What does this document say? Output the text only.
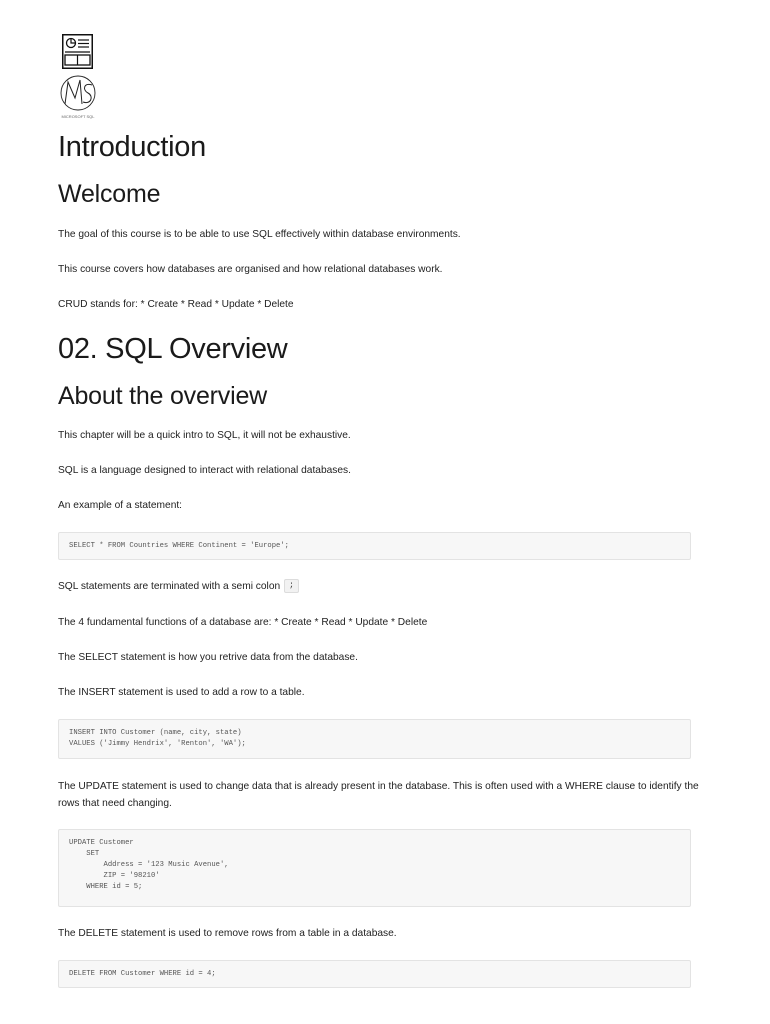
MICROSOFT SQL
Introduction
Welcome

The goal of this course is to be able to use SQL effectively within database environments.

This course covers how databases are organised and how relational databases work.

CRUD stands for: * Create * Read * Update * Delete

02. SQL Overview
About the overview

This chapter will be a quick intro to SQL, it will not be exhaustive.

SQL is a language designed to interact with relational databases.

An example of a statement:

SELECT * FROM Countries WHERE Continent = 'Europe';

SQL statements are terminated with a semi colon ;

The 4 fundamental functions of a database are: * Create * Read * Update * Delete

The SELECT statement is how you retrive data from the database.

The INSERT statement is used to add a row to a table.

INSERT INTO Customer (name, city, state)
VALUES ('Jimmy Hendrix', 'Renton', 'WA');

The UPDATE statement is used to change data that is already present in the database. This is often used with a WHERE clause to identify the rows that need changing.

UPDATE Customer
SET
Address = '123 Music Avenue',
ZIP = '98210'
WHERE id = 5;

The DELETE statement is used to remove rows from a table in a database.

DELETE FROM Customer WHERE id = 4;
